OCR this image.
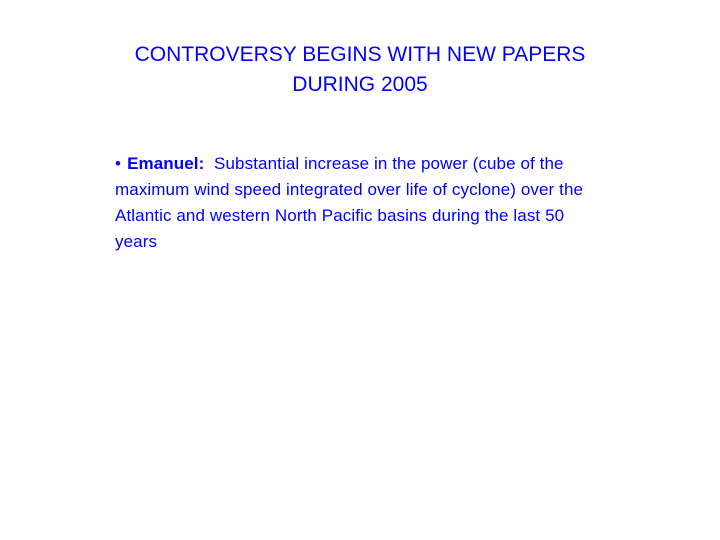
CONTROVERSY BEGINS WITH NEW PAPERS
DURING 2005
• Emanuel: Substantial increase in the power (cube of the maximum wind speed integrated over life of cyclone) over the Atlantic and western North Pacific basins during the last 50 years
